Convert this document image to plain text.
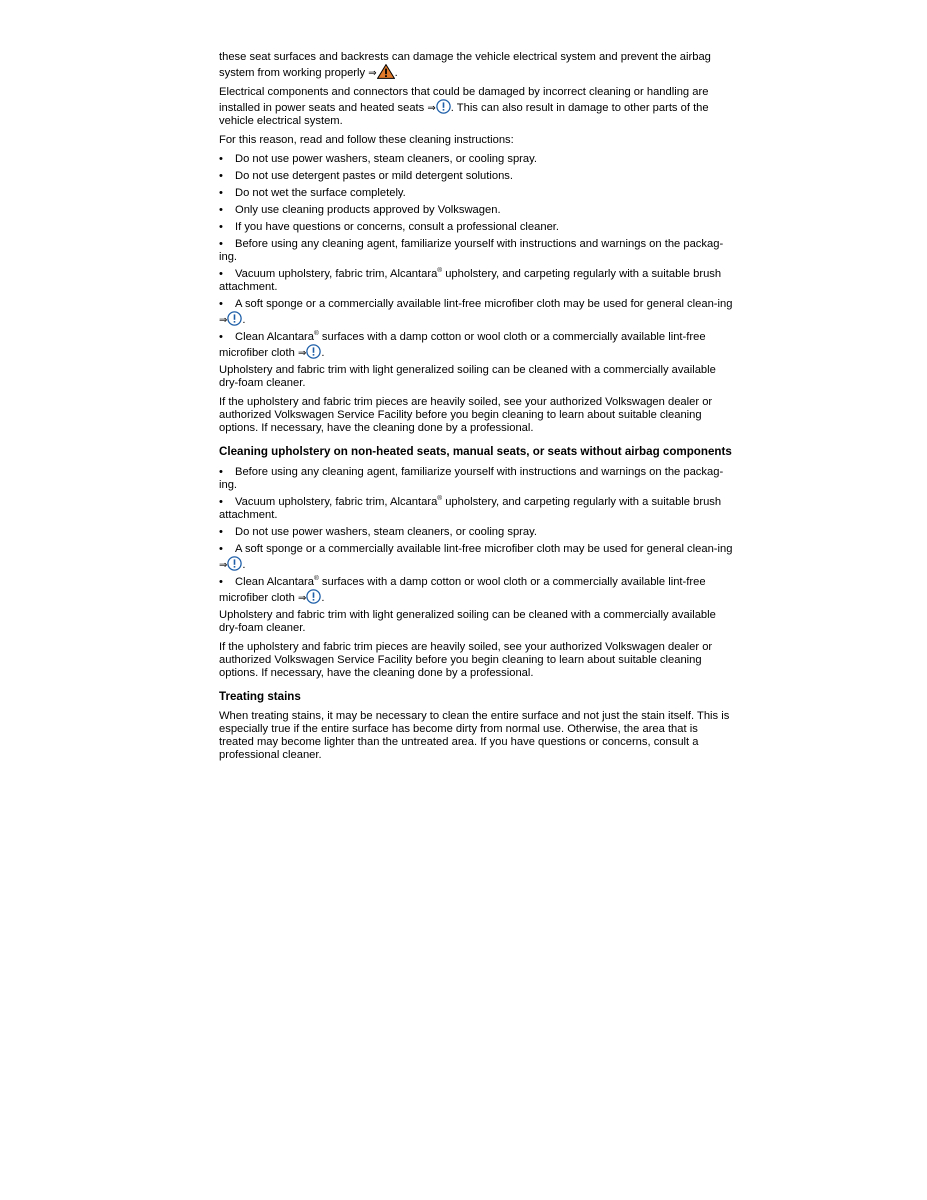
these seat surfaces and backrests can damage the vehicle electrical system and prevent the airbag system from working properly ⇒ .

Electrical components and connectors that could be damaged by incorrect cleaning or handling are installed in power seats and heated seats ⇒ . This can also result in damage to other parts of the vehicle electrical system.

For this reason, read and follow these cleaning instructions:

• Do not use power washers, steam cleaners, or cooling spray.
• Do not use detergent pastes or mild detergent solutions.
• Do not wet the surface completely.
• Only use cleaning products approved by Volkswagen.
• If you have questions or concerns, consult a professional cleaner.
• Before using any cleaning agent, familiarize yourself with instructions and warnings on the packag-ing.
• Vacuum upholstery, fabric trim, Alcantara® upholstery, and carpeting regularly with a suitable brush attachment.
• A soft sponge or a commercially available lint-free microfiber cloth may be used for general clean-ing ⇒ .
• Clean Alcantara® surfaces with a damp cotton or wool cloth or a commercially available lint-free microfiber cloth ⇒ .

Upholstery and fabric trim with light generalized soiling can be cleaned with a commercially available dry-foam cleaner.

If the upholstery and fabric trim pieces are heavily soiled, see your authorized Volkswagen dealer or authorized Volkswagen Service Facility before you begin cleaning to learn about suitable cleaning options. If necessary, have the cleaning done by a professional.

Cleaning upholstery on non-heated seats, manual seats, or seats without airbag components
• Before using any cleaning agent, familiarize yourself with instructions and warnings on the packag-ing.
• Vacuum upholstery, fabric trim, Alcantara® upholstery, and carpeting regularly with a suitable brush attachment.
• Do not use power washers, steam cleaners, or cooling spray.
• A soft sponge or a commercially available lint-free microfiber cloth may be used for general clean-ing ⇒ .
• Clean Alcantara® surfaces with a damp cotton or wool cloth or a commercially available lint-free microfiber cloth ⇒ .

Upholstery and fabric trim with light generalized soiling can be cleaned with a commercially available dry-foam cleaner.

If the upholstery and fabric trim pieces are heavily soiled, see your authorized Volkswagen dealer or authorized Volkswagen Service Facility before you begin cleaning to learn about suitable cleaning options. If necessary, have the cleaning done by a professional.

Treating stains

When treating stains, it may be necessary to clean the entire surface and not just the stain itself. This is especially true if the entire surface has become dirty from normal use. Otherwise, the area that is treated may become lighter than the untreated area. If you have questions or concerns, consult a professional cleaner.
